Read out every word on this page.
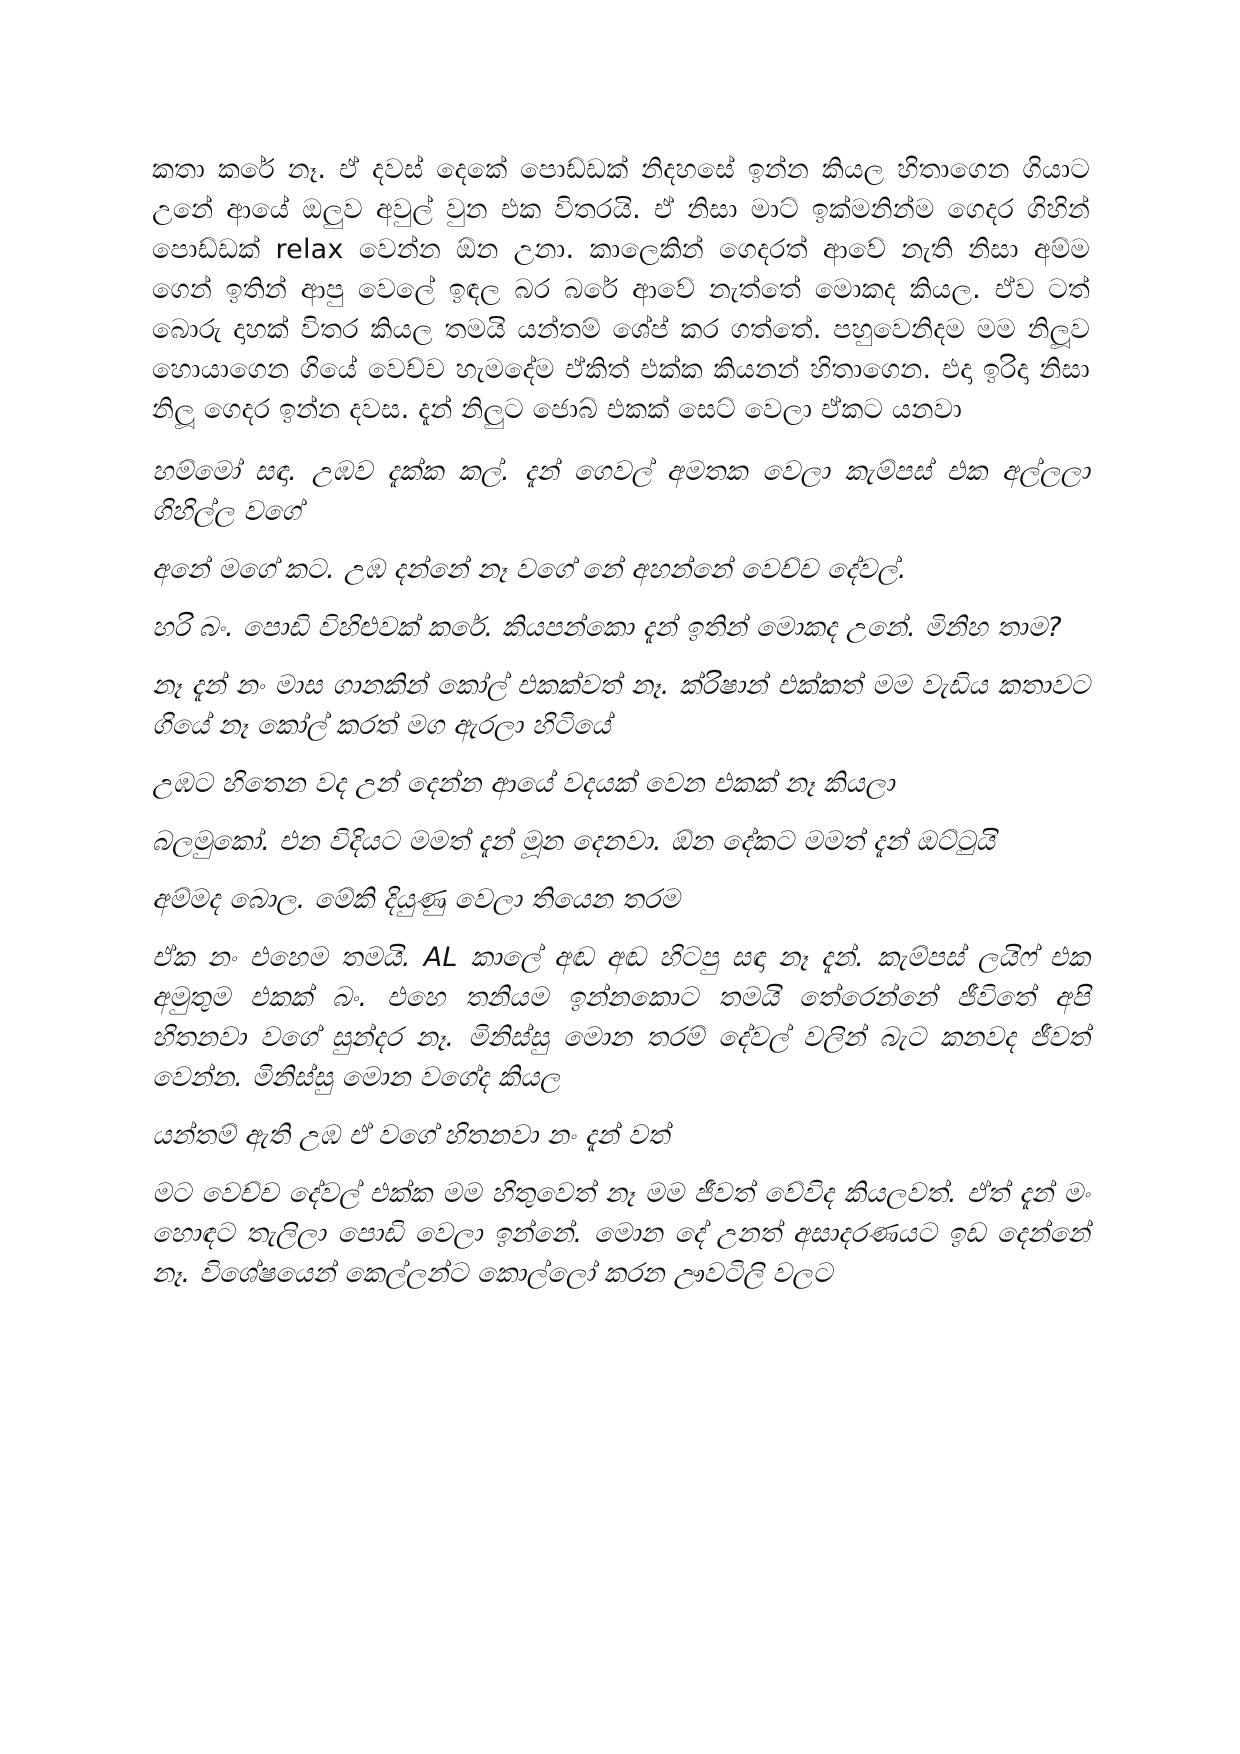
කතා කරේ නෑ. ඒ දවස් දෙකේ පොඩ්ඩක් නිදහසේ ඉන්න කියල හිතාගෙන ගියාට උනේ ආයේ ඔලුව අවුල් වුන එක විතරයි. ඒ නිසා මාට් ඉක්මනින්ම ගෙදර ගිහින් පොඩ්ඩක් relax වෙන්න ඕන උනා. කාලෙකින් ගෙදරත් ආවේ නැති නිසා අම්ම ගෙන් ඉතින් ආපු වෙලේ ඉඳල බර බරේ ආවේ නැත්තේ මොකද කියල. ඒව ටත් බොරු දාහක් විතර කියල තමයි යන්තම් ශේප් කර ගත්තේ. පහුවෙනිදම මම නිලූව හොයාගෙන ගියේ වෙච්ච හැමදේම ඒකිත් එක්ක කියනන් හිතාගෙන. එදා ඉරිදා නිසා නිලූ ගෙදර ඉන්න දවස. දැන් නිලුට ජොබ් එකක් සෙට් වෙලා ඒකට යනවා

හම්මෝ සඳා. උඹව දැක්ක කල්. දැන් ගෙවල් අමතක වෙලා කැම්පස් එක අල්ලලා ගිහිල්ල වගේ

අනේ මගේ කට. උඹ දන්නේ නෑ වගේ නේ අහන්නේ වෙච්ච දේවල්.

හරි බං. පොඩි විහිළුවක් කරේ. කියපන්කො දැන් ඉතින් මොකද උනේ. මිනිහ තාම?

නෑ දැන් නං මාස ගානකින් කෝල් එකක්වත් නෑ. ක්රිෂාන් එක්කත් මම වැඩිය කතාවට ගියේ නෑ කෝල් කරත් මග ඇරලා හිටියේ

උඹට හිතෙන වද උන් දෙන්න ආයේ වදයක් වෙන එකක් නෑ කියලා

බලමුකෝ. එන විදියට මමත් දැන් මූන දෙනවා. ඕන දේකට මමත් දැන් ඔට්ටුයි

අම්මද බොල. මේකි දියුණු වෙලා තියෙන තරම

ඒක නං එහෙම තමයි. AL කාලේ අඬ අඬ හිටපු සඳා නෑ දැන්. කැම්පස් ලයිෆ් එක අමුතුම එකක් බං. එහෙ තනියම ඉන්නකොට තමයි තේරෙන්නේ ජීවිතේ අපි හිතනවා වගේ සුන්දර නෑ. මිනිස්සු මොන තරම් දේවල් වලින් බැට කනවද ජීවත් වෙන්න. මිනිස්සු මොන වගේද කියල

යන්තම් ඇති උඹ ඒ වගේ හිතනවා නං දැන් වත්

මට වෙච්ච දේවල් එක්ක මම හිතුවෙත් නෑ මම ජීවත් වේවිද කියලවත්. ඒත් දැන් මං හොඳට තැලිලා පොඩි වෙලා ඉන්නේ. මොන දේ උනත් අසාදරණයට ඉඩ දෙන්නේ නෑ. විශේෂයෙන් කෙල්ලන්ට කොල්ලෝ කරන ඌවටිලි වලට
